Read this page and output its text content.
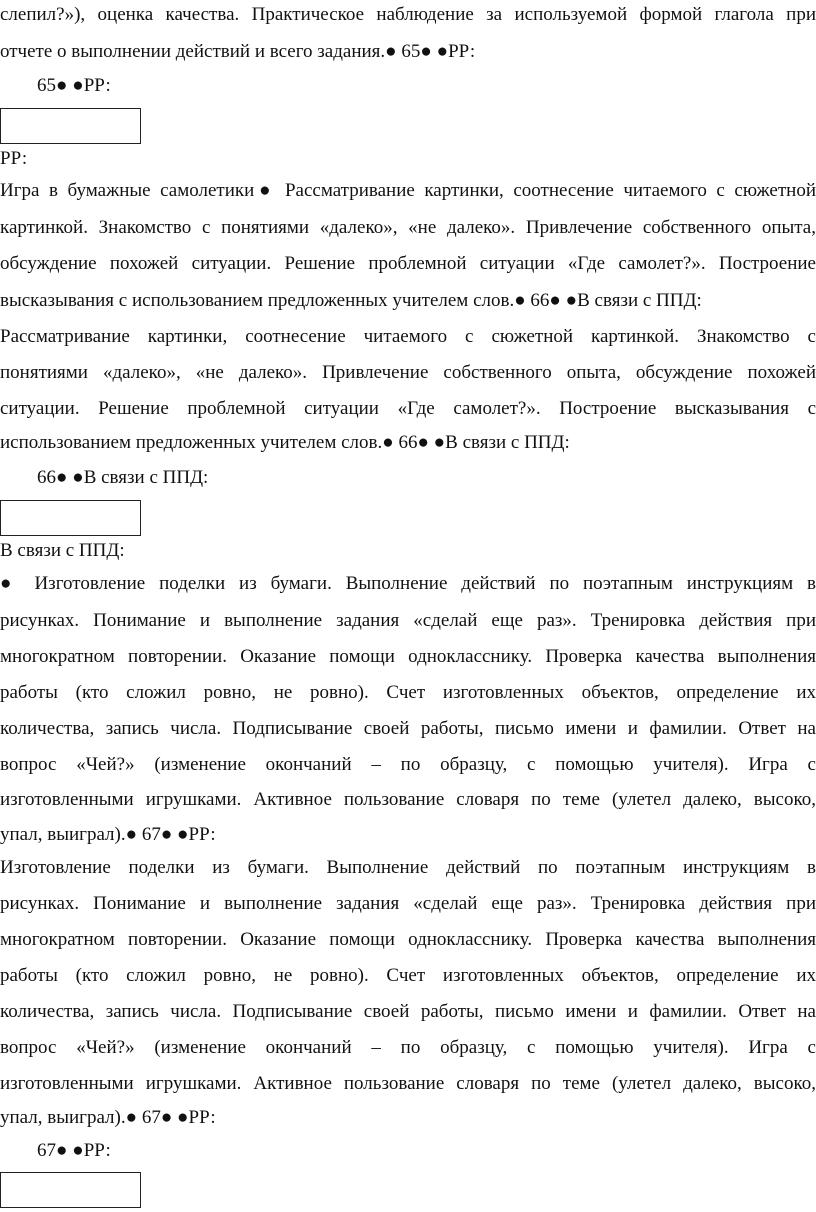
слепил?»), оценка качества. Практическое наблюдение за используемой формой глагола при
отчете о выполнении действий и всего задания.● 65● ●РР:
65● ●РР:
РР:
Игра в бумажные самолетики● Рассматривание картинки, соотнесение читаемого с сюжетной
картинкой. Знакомство с понятиями «далеко», «не далеко». Привлечение собственного опыта,
обсуждение похожей ситуации. Решение проблемной ситуации «Где самолет?». Построение
высказывания с использованием предложенных учителем слов.● 66● ●В связи с ППД:
Рассматривание картинки, соотнесение читаемого с сюжетной картинкой. Знакомство с
понятиями «далеко», «не далеко». Привлечение собственного опыта, обсуждение похожей
ситуации. Решение проблемной ситуации «Где самолет?». Построение высказывания с
использованием предложенных учителем слов.● 66● ●В связи с ППД:
66● ●В связи с ППД:
В связи с ППД:
● Изготовление поделки из бумаги. Выполнение действий по поэтапным инструкциям в
рисунках. Понимание и выполнение задания «сделай еще раз». Тренировка действия при
многократном повторении. Оказание помощи однокласснику. Проверка качества выполнения
работы (кто сложил ровно, не ровно). Счет изготовленных объектов, определение их
количества, запись числа. Подписывание своей работы, письмо имени и фамилии. Ответ на
вопрос «Чей?» (изменение окончаний – по образцу, с помощью учителя). Игра с
изготовленными игрушками. Активное пользование словаря по теме (улетел далеко, высоко,
упал, выиграл).● 67● ●РР:
Изготовление поделки из бумаги. Выполнение действий по поэтапным инструкциям в
рисунках. Понимание и выполнение задания «сделай еще раз». Тренировка действия при
многократном повторении. Оказание помощи однокласснику. Проверка качества выполнения
работы (кто сложил ровно, не ровно). Счет изготовленных объектов, определение их
количества, запись числа. Подписывание своей работы, письмо имени и фамилии. Ответ на
вопрос «Чей?» (изменение окончаний – по образцу, с помощью учителя). Игра с
изготовленными игрушками. Активное пользование словаря по теме (улетел далеко, высоко,
упал, выиграл).● 67● ●РР:
67● ●РР:
